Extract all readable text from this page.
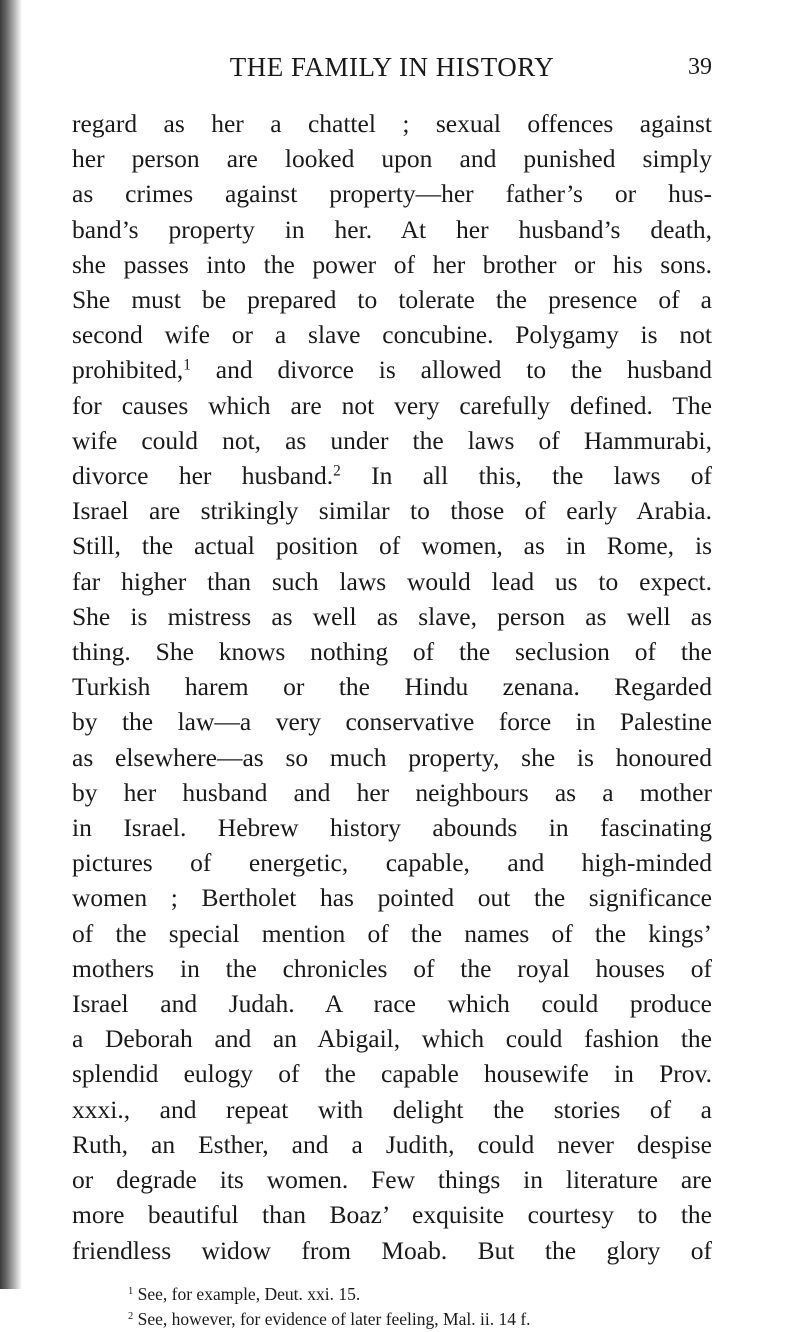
THE FAMILY IN HISTORY	39
regard as her a chattel ; sexual offences against
her person are looked upon and punished simply
as crimes against property—her father’s or hus-
band’s property in her. At her husband’s death,
she passes into the power of her brother or his sons.
She must be prepared to tolerate the presence of a
second wife or a slave concubine. Polygamy is not
prohibited,$^1$ and divorce is allowed to the husband
for causes which are not very carefully defined. The
wife could not, as under the laws of Hammurabi,
divorce her husband.$^2$ In all this, the laws of
Israel are strikingly similar to those of early Arabia.
Still, the actual position of women, as in Rome, is
far higher than such laws would lead us to expect.
She is mistress as well as slave, person as well as
thing. She knows nothing of the seclusion of the
Turkish harem or the Hindu zenana. Regarded
by the law—a very conservative force in Palestine
as elsewhere—as so much property, she is honoured
by her husband and her neighbours as a mother
in Israel. Hebrew history abounds in fascinating
pictures of energetic, capable, and high-minded
women ; Bertholet has pointed out the significance
of the special mention of the names of the kings’
mothers in the chronicles of the royal houses of
Israel and Judah. A race which could produce
a Deborah and an Abigail, which could fashion the
splendid eulogy of the capable housewife in Prov.
xxxi., and repeat with delight the stories of a
Ruth, an Esther, and a Judith, could never despise
or degrade its women. Few things in literature are
more beautiful than Boaz’ exquisite courtesy to the
friendless widow from Moab. But the glory of
$^1$ See, for example, Deut. xxi. 15.
$^2$ See, however, for evidence of later feeling, Mal. ii. 14 f.
